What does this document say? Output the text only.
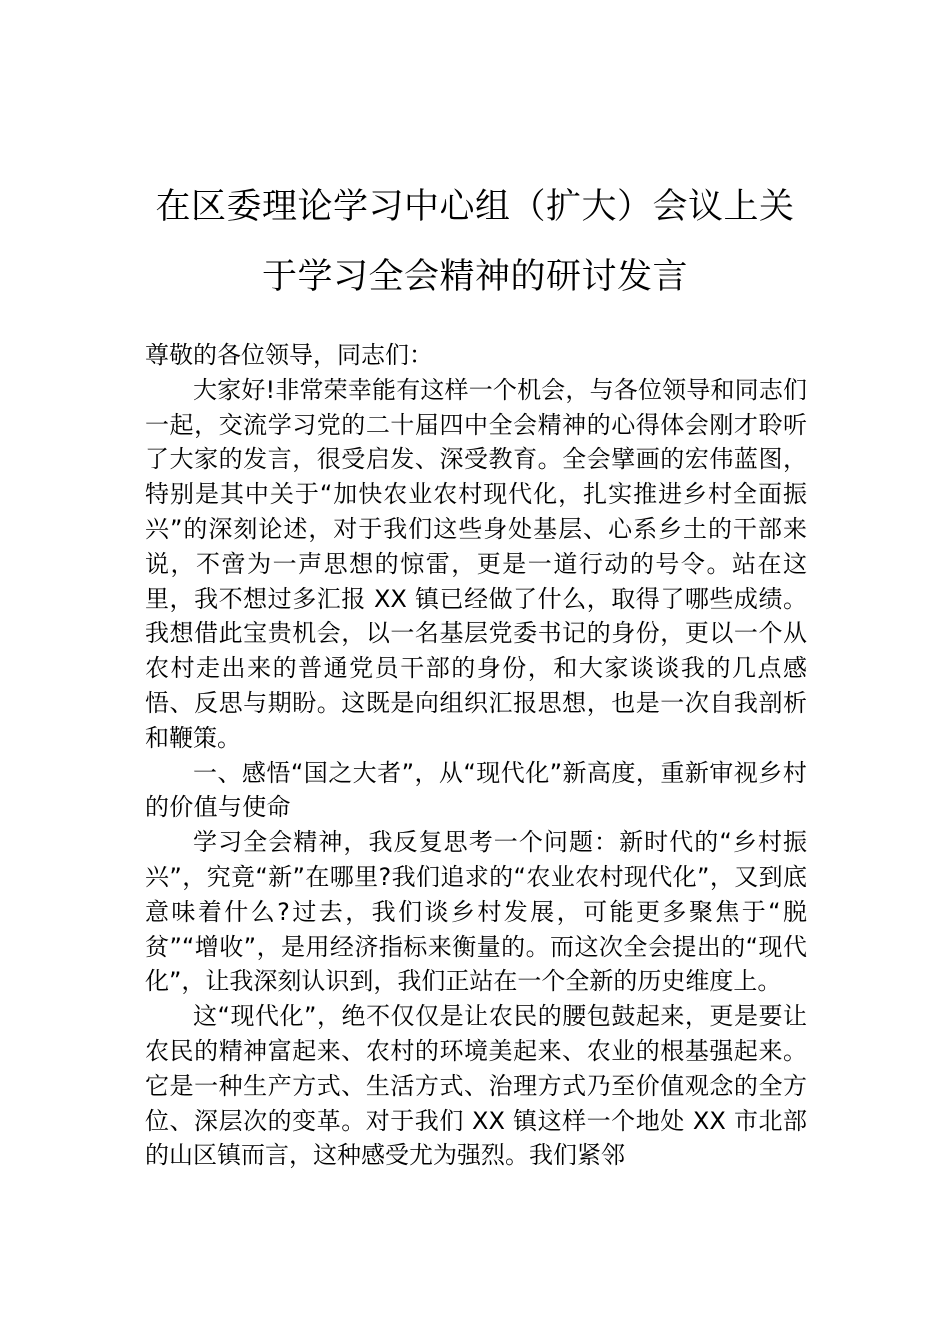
在区委理论学习中心组（扩大）会议上关
于学习全会精神的研讨发言

尊敬的各位领导，同志们：

大家好!非常荣幸能有这样一个机会，与各位领导和同志们一起，交流学习党的二十届四中全会精神的心得体会刚才聆听了大家的发言，很受启发、深受教育。全会擘画的宏伟蓝图，特别是其中关于“加快农业农村现代化，扎实推进乡村全面振兴”的深刻论述，对于我们这些身处基层、心系乡土的干部来说，不啻为一声思想的惊雷，更是一道行动的号令。站在这里，我不想过多汇报 XX 镇已经做了什么，取得了哪些成绩。我想借此宝贵机会，以一名基层党委书记的身份，更以一个从农村走出来的普通党员干部的身份，和大家谈谈我的几点感悟、反思与期盼。这既是向组织汇报思想，也是一次自我剖析和鞭策。

一、感悟“国之大者”，从“现代化”新高度，重新审视乡村的价值与使命

学习全会精神，我反复思考一个问题：新时代的“乡村振兴”，究竟“新”在哪里?我们追求的“农业农村现代化”，又到底意味着什么?过去，我们谈乡村发展，可能更多聚焦于“脱贫”“增收”，是用经济指标来衡量的。而这次全会提出的“现代化”，让我深刻认识到，我们正站在一个全新的历史维度上。

这“现代化”，绝不仅仅是让农民的腰包鼓起来，更是要让农民的精神富起来、农村的环境美起来、农业的根基强起来。它是一种生产方式、生活方式、治理方式乃至价值观念的全方位、深层次的变革。对于我们 XX 镇这样一个地处 XX 市北部的山区镇而言，这种感受尤为强烈。我们紧邻
